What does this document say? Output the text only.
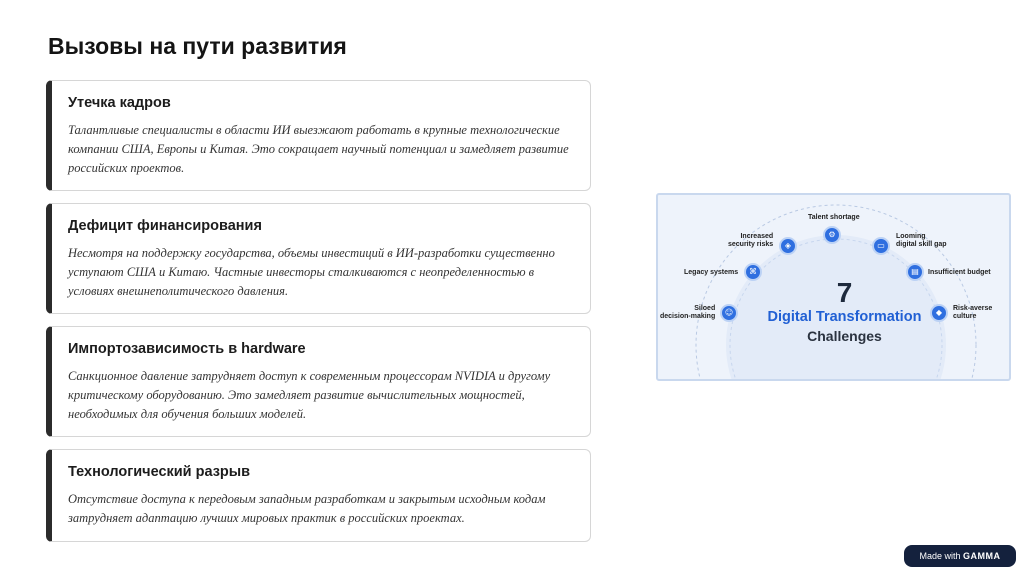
Вызовы на пути развития
Утечка кадров
Талантливые специалисты в области ИИ выезжают работать в крупные технологические компании США, Европы и Китая. Это сокращает научный потенциал и замедляет развитие российских проектов.
Дефицит финансирования
Несмотря на поддержку государства, объемы инвестиций в ИИ-разработки существенно уступают США и Китаю. Частные инвесторы сталкиваются с неопределенностью в условиях внешнеполитического давления.
Импортозависимость в hardware
Санкционное давление затрудняет доступ к современным процессорам NVIDIA и другому критическому оборудованию. Это замедляет развитие вычислительных мощностей, необходимых для обучения больших моделей.
Технологический разрыв
Отсутствие доступа к передовым западным разработкам и закрытым исходным кодам затрудняет адаптацию лучших мировых практик в российских проектах.
⚙
Talent shortage
◈
Increased
security risks	▭
Looming
digital skill gap
⌘
Legacy systems	▤	Insufficient budget
☺
Siloed
decision-making	◆	Risk-averse
culture
7
Digital Transformation
Challenges
Made with GAMMA
